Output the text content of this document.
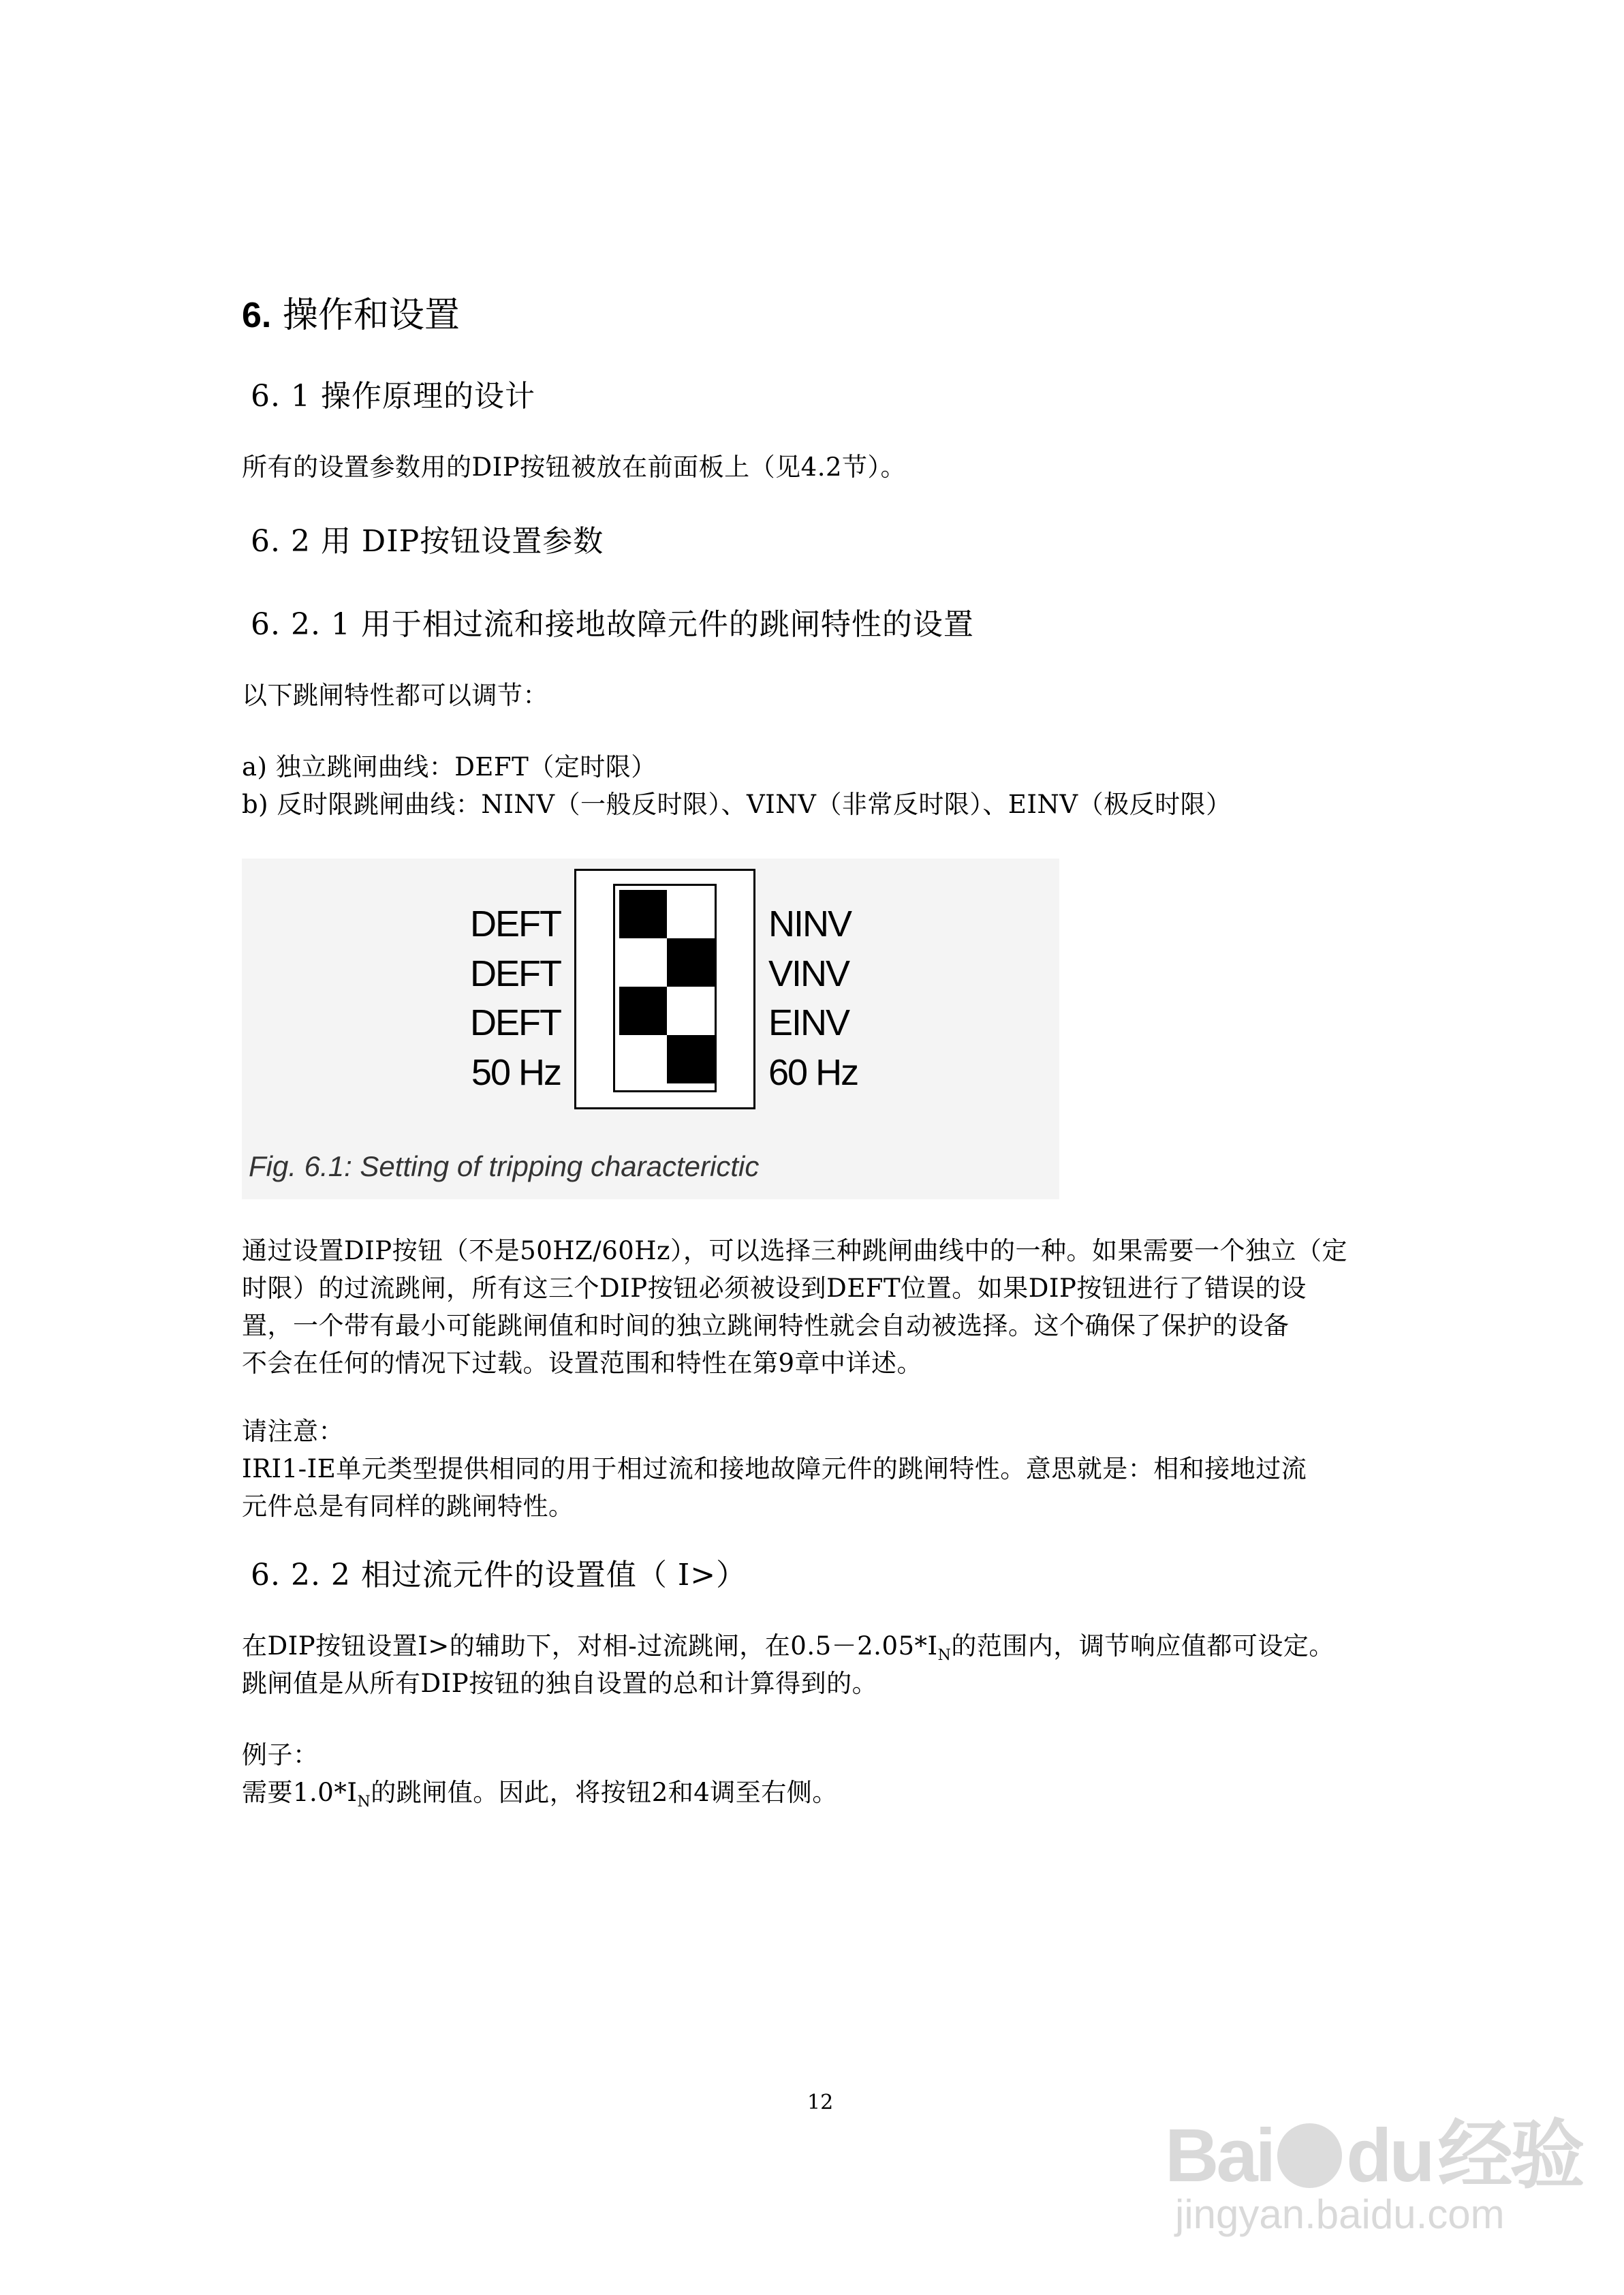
6. 操作和设置
6. 1 操作原理的设计
所有的设置参数用的DIP按钮被放在前面板上（见4.2节）。
6. 2 用 DIP按钮设置参数
6. 2. 1 用于相过流和接地故障元件的跳闸特性的设置
以下跳闸特性都可以调节：
a) 独立跳闸曲线：DEFT（定时限）
b) 反时限跳闸曲线：NINV（一般反时限）、VINV（非常反时限）、EINV（极反时限）
DEFT
DEFT
DEFT
50 Hz
NINV
VINV
EINV
60 Hz
Fig. 6.1: Setting of tripping characterictic
通过设置DIP按钮（不是50HZ/60Hz），可以选择三种跳闸曲线中的一种。如果需要一个独立（定
时限）的过流跳闸，所有这三个DIP按钮必须被设到DEFT位置。如果DIP按钮进行了错误的设
置，一个带有最小可能跳闸值和时间的独立跳闸特性就会自动被选择。这个确保了保护的设备
不会在任何的情况下过载。设置范围和特性在第9章中详述。
请注意：
IRI1-IE单元类型提供相同的用于相过流和接地故障元件的跳闸特性。意思就是：相和接地过流
元件总是有同样的跳闸特性。
6. 2. 2 相过流元件的设置值（ I>）
在DIP按钮设置I>的辅助下，对相-过流跳闸，在$0.5-2.05*I_N$的范围内，调节响应值都可设定。
跳闸值是从所有DIP按钮的独自设置的总和计算得到的。
例子：
需要$1.0*I_N$的跳闸值。因此，将按钮2和4调至右侧。
12
Bai du经验
jingyan.baidu.com
